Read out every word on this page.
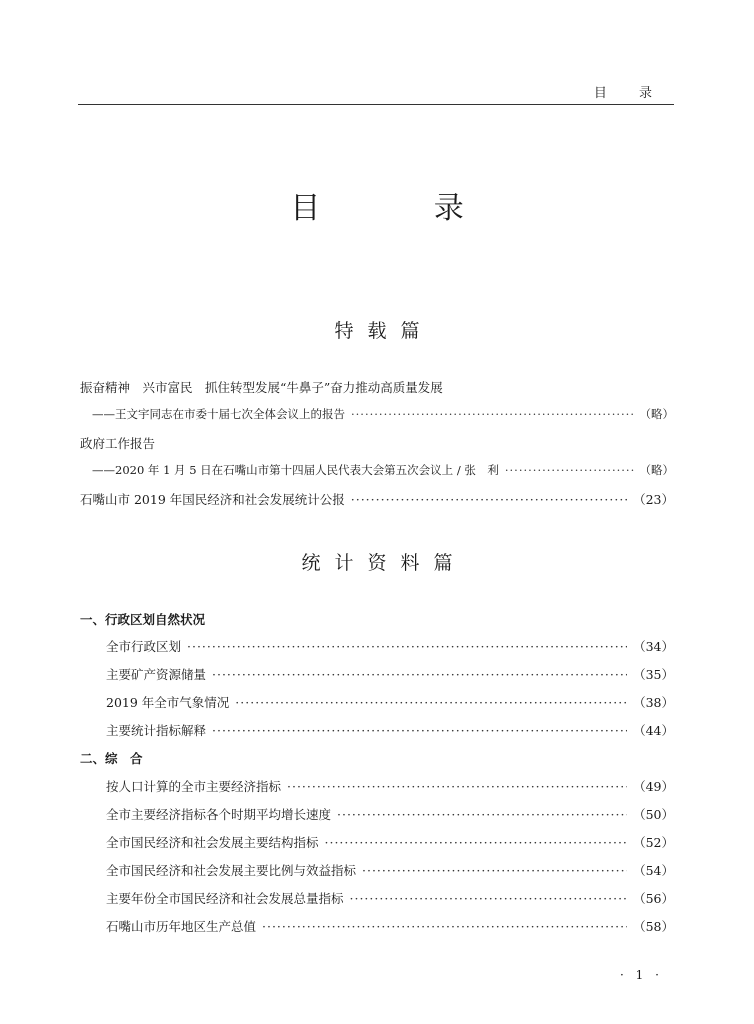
目 录
目 录
特载篇
振奋精神　兴市富民　抓住转型发展“牛鼻子”奋力推动高质量发展
——王文宇同志在市委十届七次全体会议上的报告 ·····	（略）
政府工作报告
——2020 年 1 月 5 日在石嘴山市第十四届人民代表大会第五次会议上 / 张　利 ·····	（略）
石嘴山市 2019 年国民经济和社会发展统计公报 ·····	（23）
统计资料篇
一、行政区划自然状况
全市行政区划 ·····	（34）
主要矿产资源储量 ·····	（35）
2019 年全市气象情况 ·····	（38）
主要统计指标解释 ·····	（44）
二、综　合
按人口计算的全市主要经济指标 ·····	（49）
全市主要经济指标各个时期平均增长速度 ·····	（50）
全市国民经济和社会发展主要结构指标 ·····	（52）
全市国民经济和社会发展主要比例与效益指标 ·····	（54）
主要年份全市国民经济和社会发展总量指标 ·····	（56）
石嘴山市历年地区生产总值 ·····	（58）
· 1 ·
